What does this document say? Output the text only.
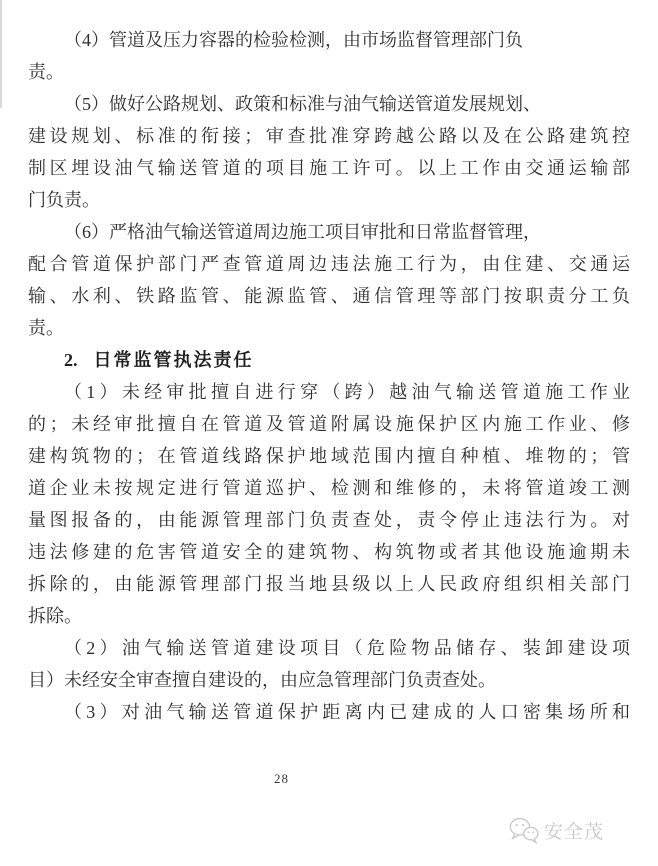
（4）管道及压力容器的检验检测，由市场监督管理部门负
责。
（5）做好公路规划、政策和标准与油气输送管道发展规划、
建设规划、标准的衔接；审查批准穿跨越公路以及在公路建筑控
制区埋设油气输送管道的项目施工许可。以上工作由交通运输部
门负责。
（6）严格油气输送管道周边施工项目审批和日常监督管理，
配合管道保护部门严查管道周边违法施工行为，由住建、交通运
输、水利、铁路监管、能源监管、通信管理等部门按职责分工负
责。
2. 日常监管执法责任
（1）未经审批擅自进行穿（跨）越油气输送管道施工作业
的；未经审批擅自在管道及管道附属设施保护区内施工作业、修
建构筑物的；在管道线路保护地域范围内擅自种植、堆物的；管
道企业未按规定进行管道巡护、检测和维修的，未将管道竣工测
量图报备的，由能源管理部门负责查处，责令停止违法行为。对
违法修建的危害管道安全的建筑物、构筑物或者其他设施逾期未
拆除的，由能源管理部门报当地县级以上人民政府组织相关部门
拆除。
（2）油气输送管道建设项目（危险物品储存、装卸建设项
目）未经安全审查擅自建设的，由应急管理部门负责查处。
（3）对油气输送管道保护距离内已建成的人口密集场所和
28
安全茂
